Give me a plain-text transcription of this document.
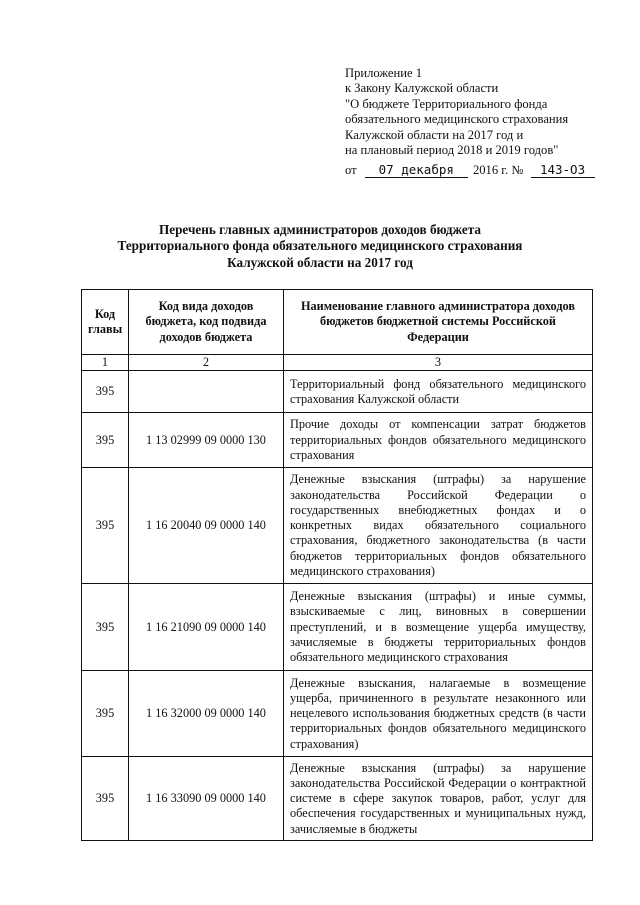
Приложение 1
к Закону Калужской области
"О бюджете Территориального фонда
обязательного медицинского страхования
Калужской области на 2017 год и
на плановый период 2018 и 2019 годов"
от 07 декабря 2016 г. № 143-ОЗ
Перечень главных администраторов доходов бюджета
Территориального фонда обязательного медицинского страхования
Калужской области на 2017 год
Код главы	Код вида доходов бюджета, код подвида доходов бюджета	Наименование главного администратора доходов бюджетов бюджетной системы Российской Федерации
1	2	3
395		Территориальный фонд обязательного медицинского страхования Калужской области
395	1 13 02999 09 0000 130	Прочие доходы от компенсации затрат бюджетов территориальных фондов обязательного медицинского страхования
395	1 16 20040 09 0000 140	Денежные взыскания (штрафы) за нарушение законодательства Российской Федерации о государственных внебюджетных фондах и о конкретных видах обязательного социального страхования, бюджетного законодательства (в части бюджетов территориальных фондов обязательного медицинского страхования)
395	1 16 21090 09 0000 140	Денежные взыскания (штрафы) и иные суммы, взыскиваемые с лиц, виновных в совершении преступлений, и в возмещение ущерба имуществу, зачисляемые в бюджеты территориальных фондов обязательного медицинского страхования
395	1 16 32000 09 0000 140	Денежные взыскания, налагаемые в возмещение ущерба, причиненного в результате незаконного или нецелевого использования бюджетных средств (в части территориальных фондов обязательного медицинского страхования)
395	1 16 33090 09 0000 140	Денежные взыскания (штрафы) за нарушение законодательства Российской Федерации о контрактной системе в сфере закупок товаров, работ, услуг для обеспечения государственных и муниципальных нужд, зачисляемые в бюджеты
